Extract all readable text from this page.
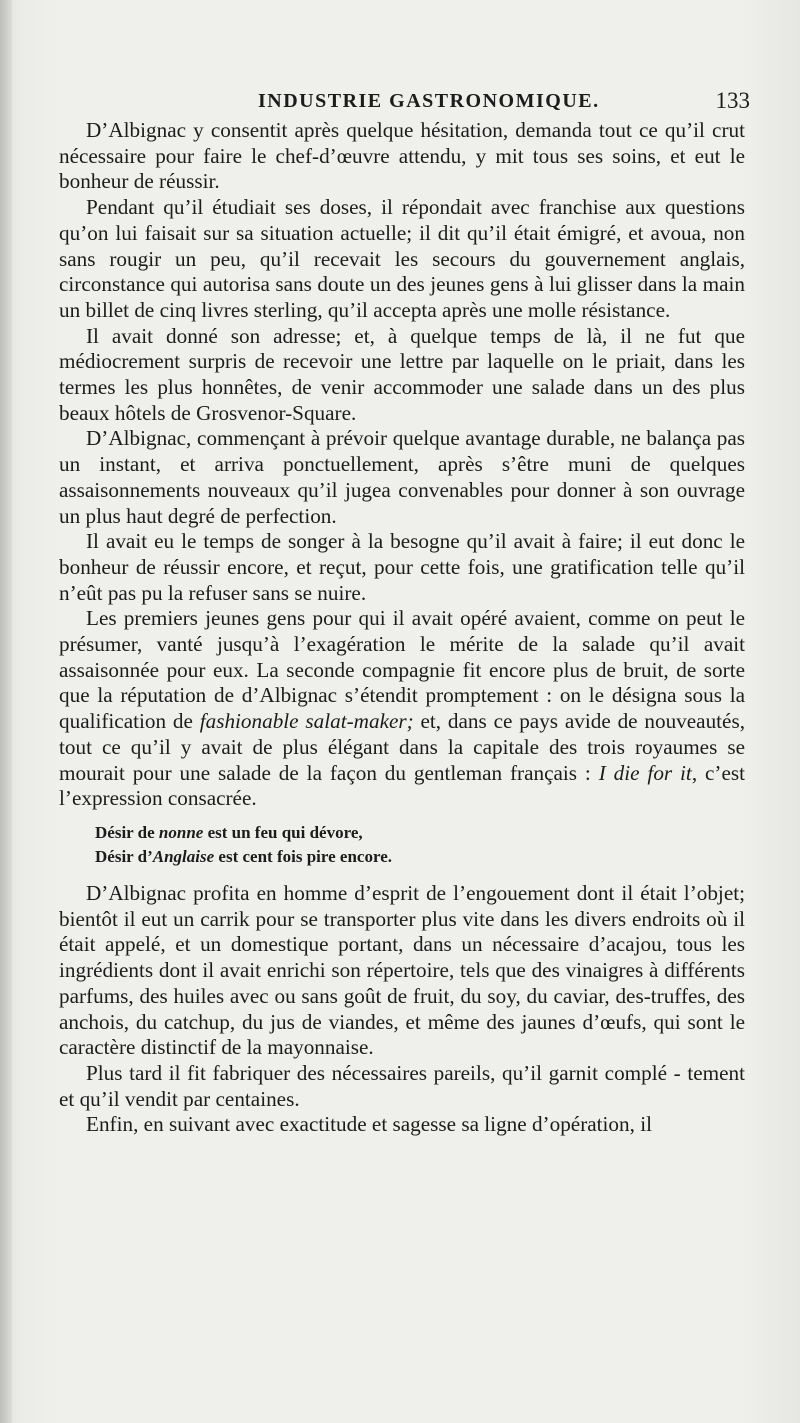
INDUSTRIE GASTRONOMIQUE.	133

D’Albignac y consentit après quelque hésitation, demanda tout ce qu’il crut nécessaire pour faire le chef-d’œuvre attendu, y mit tous ses soins, et eut le bonheur de réussir.

Pendant qu’il étudiait ses doses, il répondait avec franchise aux questions qu’on lui faisait sur sa situation actuelle; il dit qu’il était émigré, et avoua, non sans rougir un peu, qu’il recevait les secours du gouvernement anglais, circonstance qui autorisa sans doute un des jeunes gens à lui glisser dans la main un billet de cinq livres sterling, qu’il accepta après une molle résistance.

Il avait donné son adresse; et, à quelque temps de là, il ne fut que médiocrement surpris de recevoir une lettre par laquelle on le priait, dans les termes les plus honnêtes, de venir accommoder une salade dans un des plus beaux hôtels de Grosvenor-Square.

D’Albignac, commençant à prévoir quelque avantage durable, ne balança pas un instant, et arriva ponctuellement, après s’être muni de quelques assaisonnements nouveaux qu’il jugea convenables pour donner à son ouvrage un plus haut degré de perfection.

Il avait eu le temps de songer à la besogne qu’il avait à faire; il eut donc le bonheur de réussir encore, et reçut, pour cette fois, une gratification telle qu’il n’eût pas pu la refuser sans se nuire.

Les premiers jeunes gens pour qui il avait opéré avaient, comme on peut le présumer, vanté jusqu’à l’exagération le mérite de la salade qu’il avait assaisonnée pour eux. La seconde compagnie fit encore plus de bruit, de sorte que la réputation de d’Albignac s’étendit promptement : on le désigna sous la qualification de fashionable salat-maker; et, dans ce pays avide de nouveautés, tout ce qu’il y avait de plus élégant dans la capitale des trois royaumes se mourait pour une salade de la façon du gentleman français : I die for it, c’est l’expression consacrée.

Désir de nonne est un feu qui dévore,
Désir d’Anglaise est cent fois pire encore.

D’Albignac profita en homme d’esprit de l’engouement dont il était l’objet; bientôt il eut un carrik pour se transporter plus vite dans les divers endroits où il était appelé, et un domestique portant, dans un nécessaire d’acajou, tous les ingrédients dont il avait enrichi son répertoire, tels que des vinaigres à différents parfums, des huiles avec ou sans goût de fruit, du soy, du caviar, des-truffes, des anchois, du catchup, du jus de viandes, et même des jaunes d’œufs, qui sont le caractère distinctif de la mayonnaise.

Plus tard il fit fabriquer des nécessaires pareils, qu’il garnit complé - tement et qu’il vendit par centaines.

Enfin, en suivant avec exactitude et sagesse sa ligne d’opération, il
